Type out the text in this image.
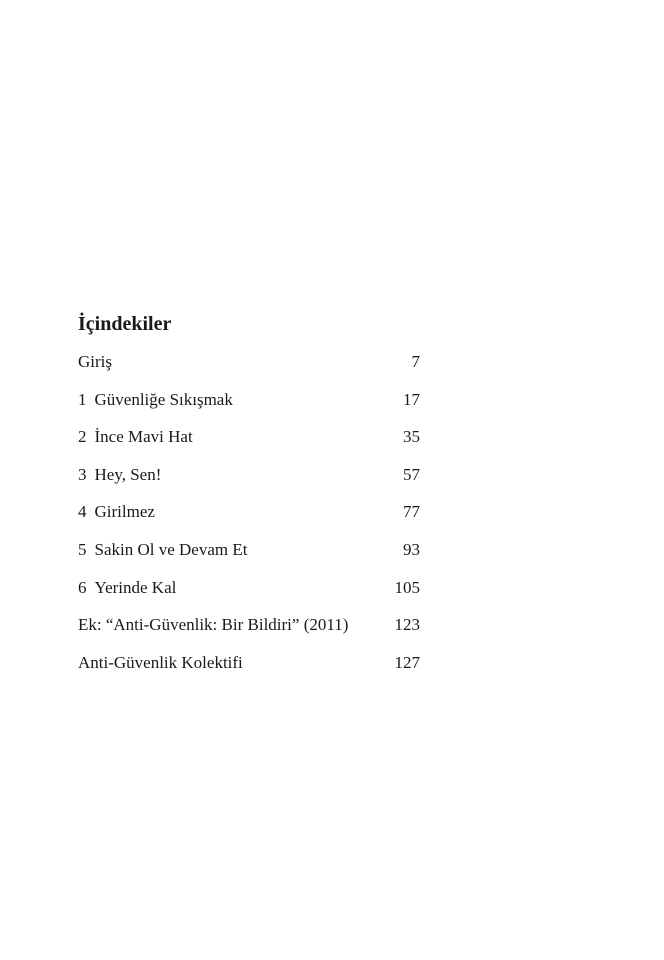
İçindekiler
Giriş	7
1 Güvenliğe Sıkışmak	17
2 İnce Mavi Hat	35
3 Hey, Sen!	57
4 Girilmez	77
5 Sakin Ol ve Devam Et	93
6 Yerinde Kal	105
Ek: “Anti-Güvenlik: Bir Bildiri” (2011)	123
Anti-Güvenlik Kolektifi	127
